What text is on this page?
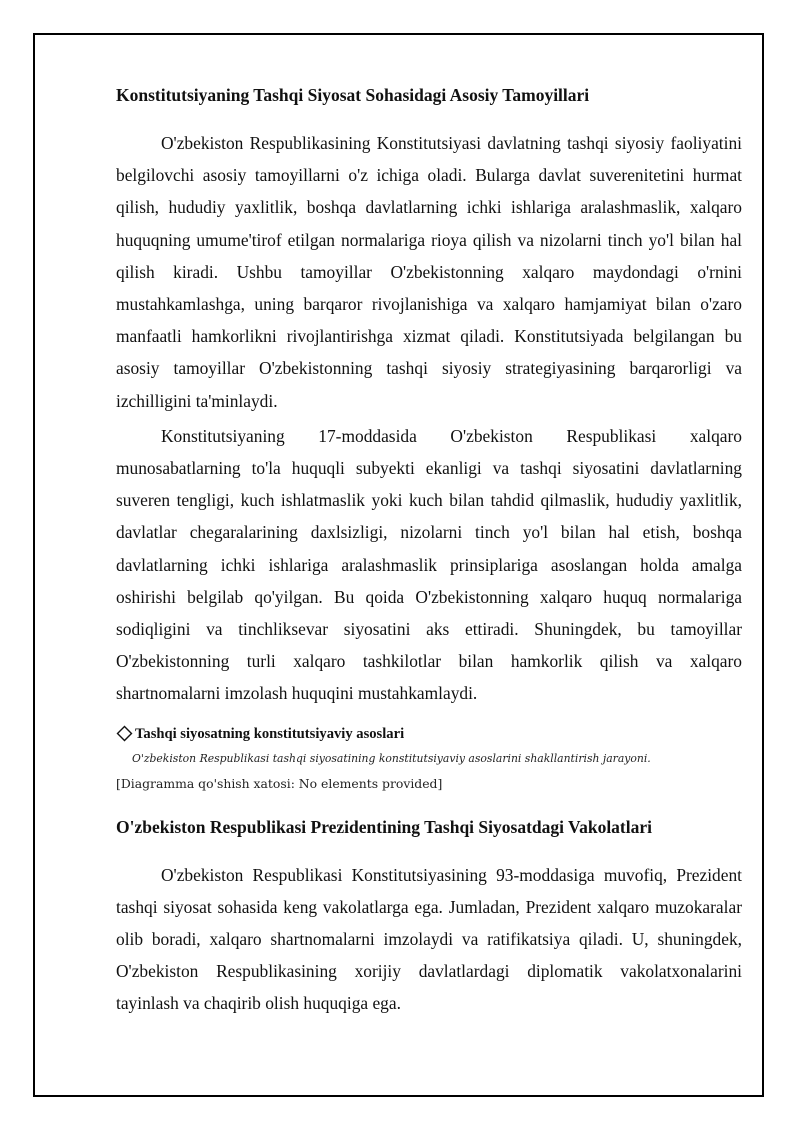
Konstitutsiyaning Tashqi Siyosat Sohasidagi Asosiy Tamoyillari

O'zbekiston Respublikasining Konstitutsiyasi davlatning tashqi siyosiy faoliyatini belgilovchi asosiy tamoyillarni o'z ichiga oladi. Bularga davlat suverenitetini hurmat qilish, hududiy yaxlitlik, boshqa davlatlarning ichki ishlariga aralashmaslik, xalqaro huquqning umume'tirof etilgan normalariga rioya qilish va nizolarni tinch yo'l bilan hal qilish kiradi. Ushbu tamoyillar O'zbekistonning xalqaro maydondagi o'rnini mustahkamlashga, uning barqaror rivojlanishiga va xalqaro hamjamiyat bilan o'zaro manfaatli hamkorlikni rivojlantirishga xizmat qiladi. Konstitutsiyada belgilangan bu asosiy tamoyillar O'zbekistonning tashqi siyosiy strategiyasining barqarorligi va izchilligini ta'minlaydi.

Konstitutsiyaning 17-moddasida O'zbekiston Respublikasi xalqaro munosabatlarning to'la huquqli subyekti ekanligi va tashqi siyosatini davlatlarning suveren tengligi, kuch ishlatmaslik yoki kuch bilan tahdid qilmaslik, hududiy yaxlitlik, davlatlar chegaralarining daxlsizligi, nizolarni tinch yo'l bilan hal etish, boshqa davlatlarning ichki ishlariga aralashmaslik prinsiplariga asoslangan holda amalga oshirishi belgilab qo'yilgan. Bu qoida O'zbekistonning xalqaro huquq normalariga sodiqligini va tinchliksevar siyosatini aks ettiradi. Shuningdek, bu tamoyillar O'zbekistonning turli xalqaro tashkilotlar bilan hamkorlik qilish va xalqaro shartnomalarni imzolash huquqini mustahkamlaydi.

Tashqi siyosatning konstitutsiyaviy asoslari
O'zbekiston Respublikasi tashqi siyosatining konstitutsiyaviy asoslarini shakllantirish jarayoni.
[Diagramma qo'shish xatosi: No elements provided]
O'zbekiston Respublikasi Prezidentining Tashqi Siyosatdagi Vakolatlari

O'zbekiston Respublikasi Konstitutsiyasining 93-moddasiga muvofiq, Prezident tashqi siyosat sohasida keng vakolatlarga ega. Jumladan, Prezident xalqaro muzokaralar olib boradi, xalqaro shartnomalarni imzolaydi va ratifikatsiya qiladi. U, shuningdek, O'zbekiston Respublikasining xorijiy davlatlardagi diplomatik vakolatxonalarini tayinlash va chaqirib olish huquqiga ega.
